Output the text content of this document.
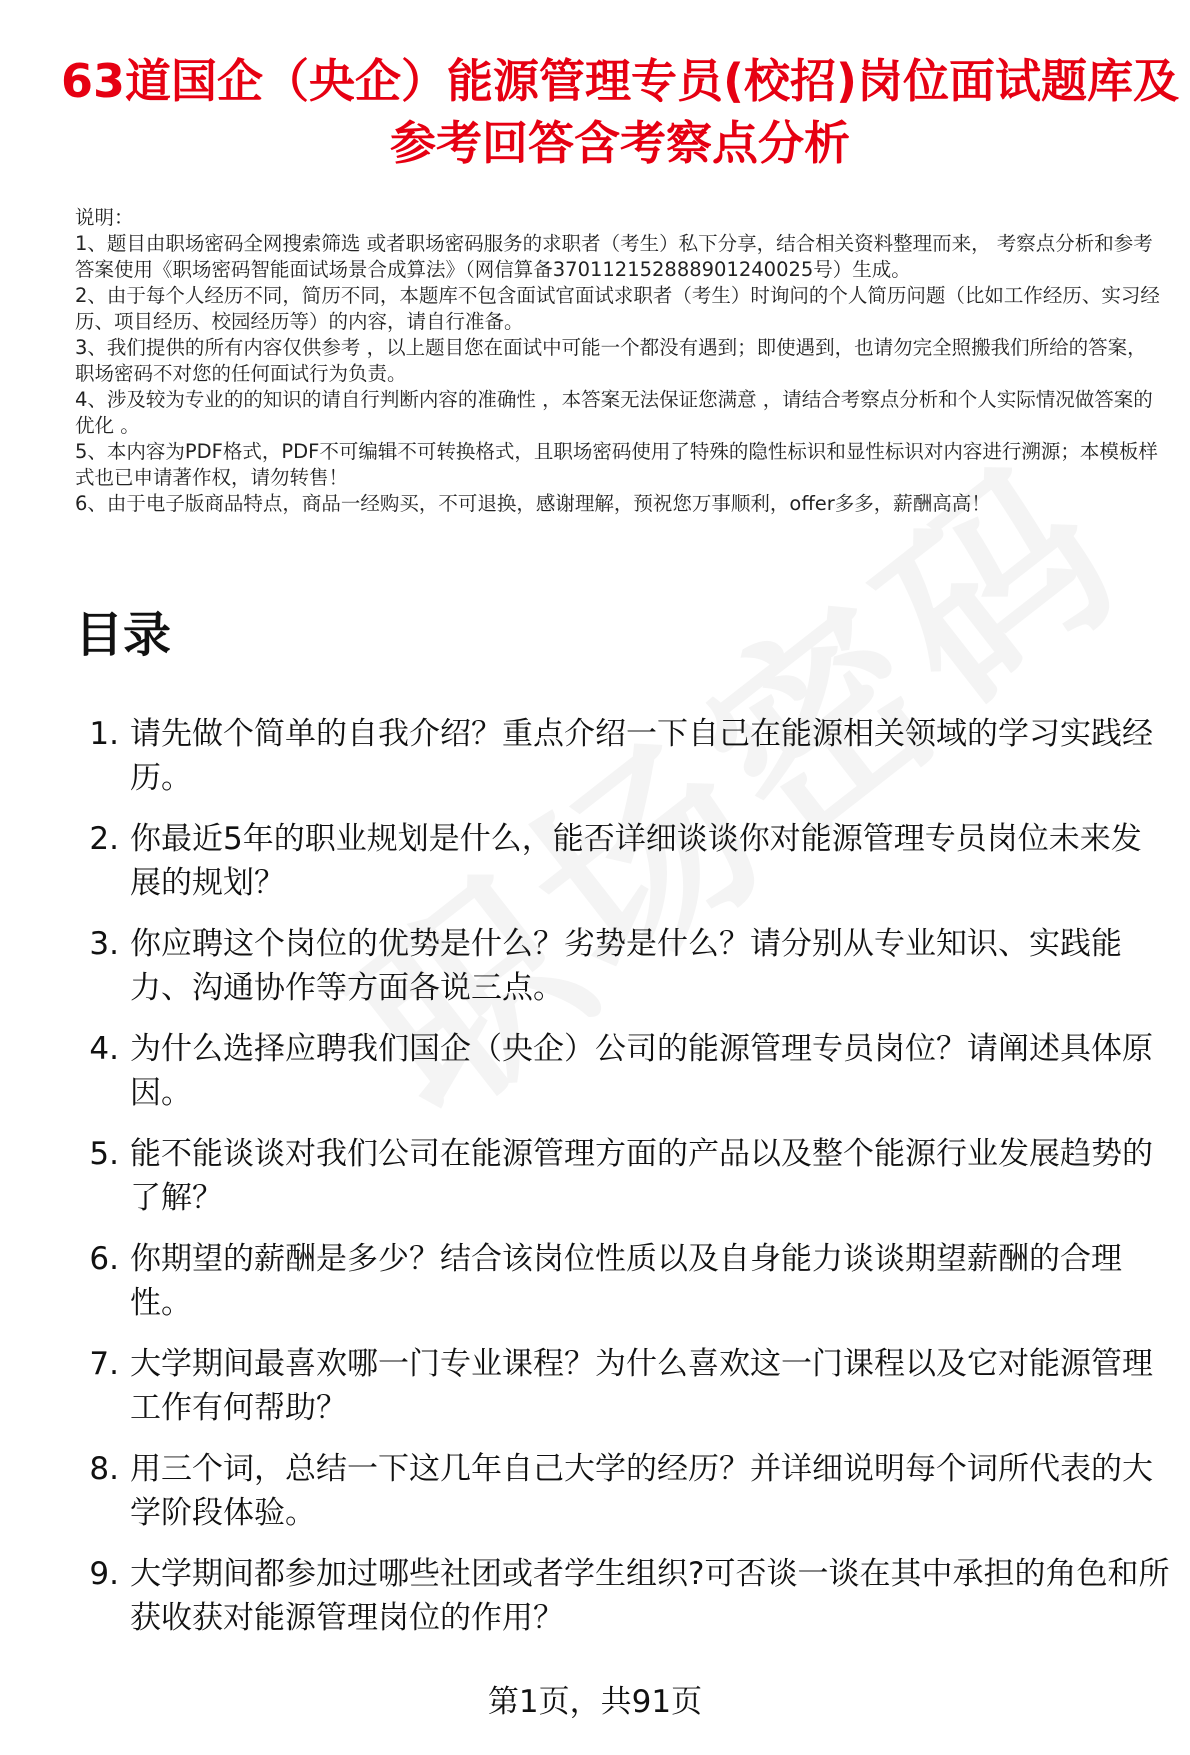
63道国企（央企）能源管理专员(校招)岗位面试题库及参考回答含考察点分析
说明：
1、题目由职场密码全网搜索筛选 或者职场密码服务的求职者（考生）私下分享，结合相关资料整理而来， 考察点分析和参考答案使用《职场密码智能面试场景合成算法》（网信算备370112152888901240025号）生成。
2、由于每个人经历不同，简历不同，本题库不包含面试官面试求职者（考生）时询问的个人简历问题（比如工作经历、实习经历、项目经历、校园经历等）的内容，请自行准备。
3、我们提供的所有内容仅供参考 ，以上题目您在面试中可能一个都没有遇到；即使遇到，也请勿完全照搬我们所给的答案，职场密码不对您的任何面试行为负责。
4、涉及较为专业的的知识的请自行判断内容的准确性 ，本答案无法保证您满意 ，请结合考察点分析和个人实际情况做答案的优化 。
5、本内容为PDF格式，PDF不可编辑不可转换格式，且职场密码使用了特殊的隐性标识和显性标识对内容进行溯源；本模板样式也已申请著作权，请勿转售！
6、由于电子版商品特点，商品一经购买，不可退换，感谢理解，预祝您万事顺利，offer多多，薪酬高高！
目录
1. 请先做个简单的自我介绍？重点介绍一下自己在能源相关领域的学习实践经历。
2. 你最近5年的职业规划是什么，能否详细谈谈你对能源管理专员岗位未来发展的规划？
3. 你应聘这个岗位的优势是什么？劣势是什么？请分别从专业知识、实践能力、沟通协作等方面各说三点。
4. 为什么选择应聘我们国企（央企）公司的能源管理专员岗位？请阐述具体原因。
5. 能不能谈谈对我们公司在能源管理方面的产品以及整个能源行业发展趋势的了解？
6. 你期望的薪酬是多少？结合该岗位性质以及自身能力谈谈期望薪酬的合理性。
7. 大学期间最喜欢哪一门专业课程？为什么喜欢这一门课程以及它对能源管理工作有何帮助？
8. 用三个词，总结一下这几年自己大学的经历？并详细说明每个词所代表的大学阶段体验。
9. 大学期间都参加过哪些社团或者学生组织?可否谈一谈在其中承担的角色和所获收获对能源管理岗位的作用？
第1页，共91页
